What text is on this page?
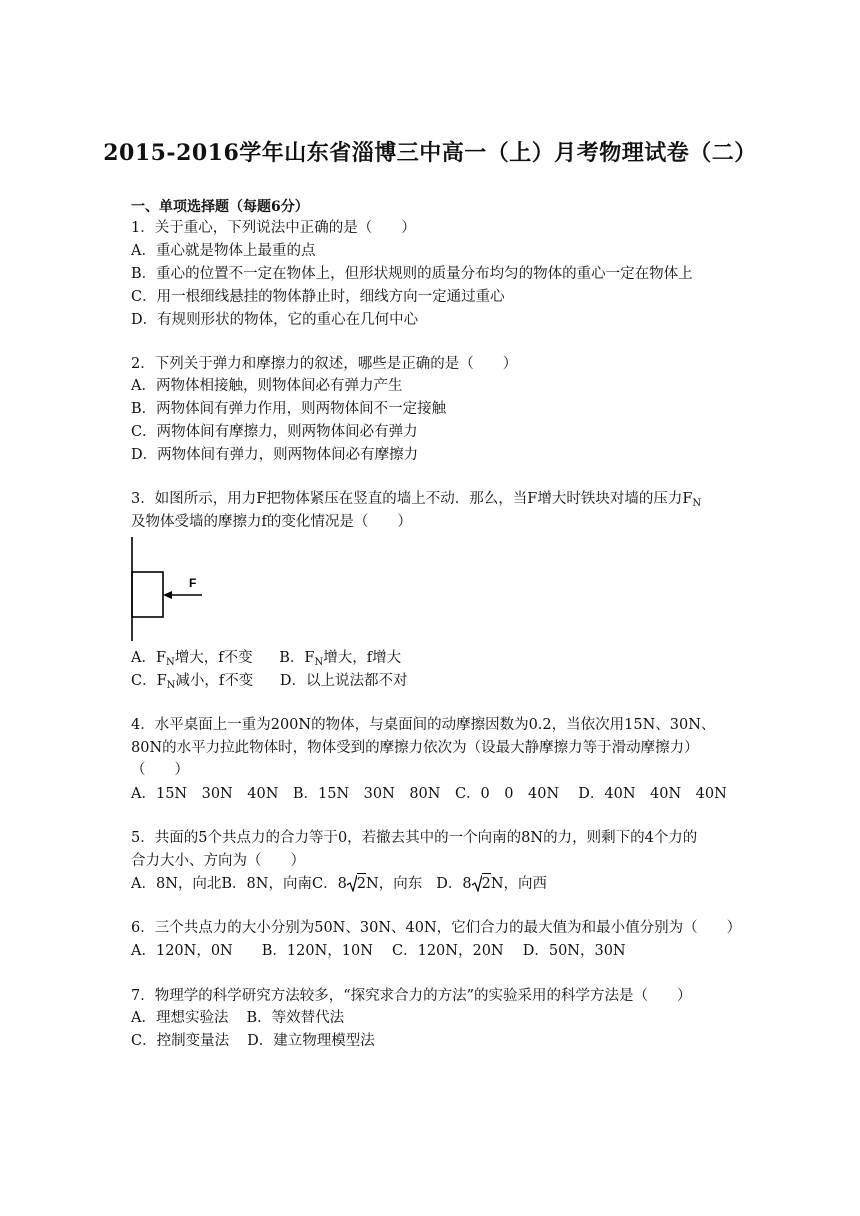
2015-2016学年山东省淄博三中高一（上）月考物理试卷（二）
一、单项选择题（每题6分）
1．关于重心，下列说法中正确的是（　　）
A．重心就是物体上最重的点
B．重心的位置不一定在物体上，但形状规则的质量分布均匀的物体的重心一定在物体上
C．用一根细线悬挂的物体静止时，细线方向一定通过重心
D．有规则形状的物体，它的重心在几何中心
2．下列关于弹力和摩擦力的叙述，哪些是正确的是（　　）
A．两物体相接触，则物体间必有弹力产生
B．两物体间有弹力作用，则两物体间不一定接触
C．两物体间有摩擦力，则两物体间必有弹力
D．两物体间有弹力，则两物体间必有摩擦力
3．如图所示，用力F把物体紧压在竖直的墙上不动．那么，当F增大时铁块对墙的压力$F_N$
及物体受墙的摩擦力f的变化情况是（　　）
F
A．$F_N$增大，f不变 B．$F_N$增大，f增大
C．$F_N$减小，f不变 D．以上说法都不对
4．水平桌面上一重为200N的物体，与桌面间的动摩擦因数为0.2，当依次用15N、30N、
80N的水平力拉此物体时，物体受到的摩擦力依次为（设最大静摩擦力等于滑动摩擦力）
（　　）
A．15N　30N　40N　B．15N　30N　80N　C．0　0　40N　 D．40N　40N　40N
5．共面的5个共点力的合力等于0，若撤去其中的一个向南的8N的力，则剩下的4个力的
合力大小、方向为（　　）
A．8N，向北B．8N，向南C．8 2N，向东 D．8 2N，向西
6．三个共点力的大小分别为50N、30N、40N，它们合力的最大值为和最小值分别为（　　）
A．120N，0N　　B．120N，10N　 C．120N，20N　 D．50N，30N
7．物理学的科学研究方法较多，“探究求合力的方法”的实验采用的科学方法是（　　）
A．理想实验法 B．等效替代法
C．控制变量法 D．建立物理模型法
